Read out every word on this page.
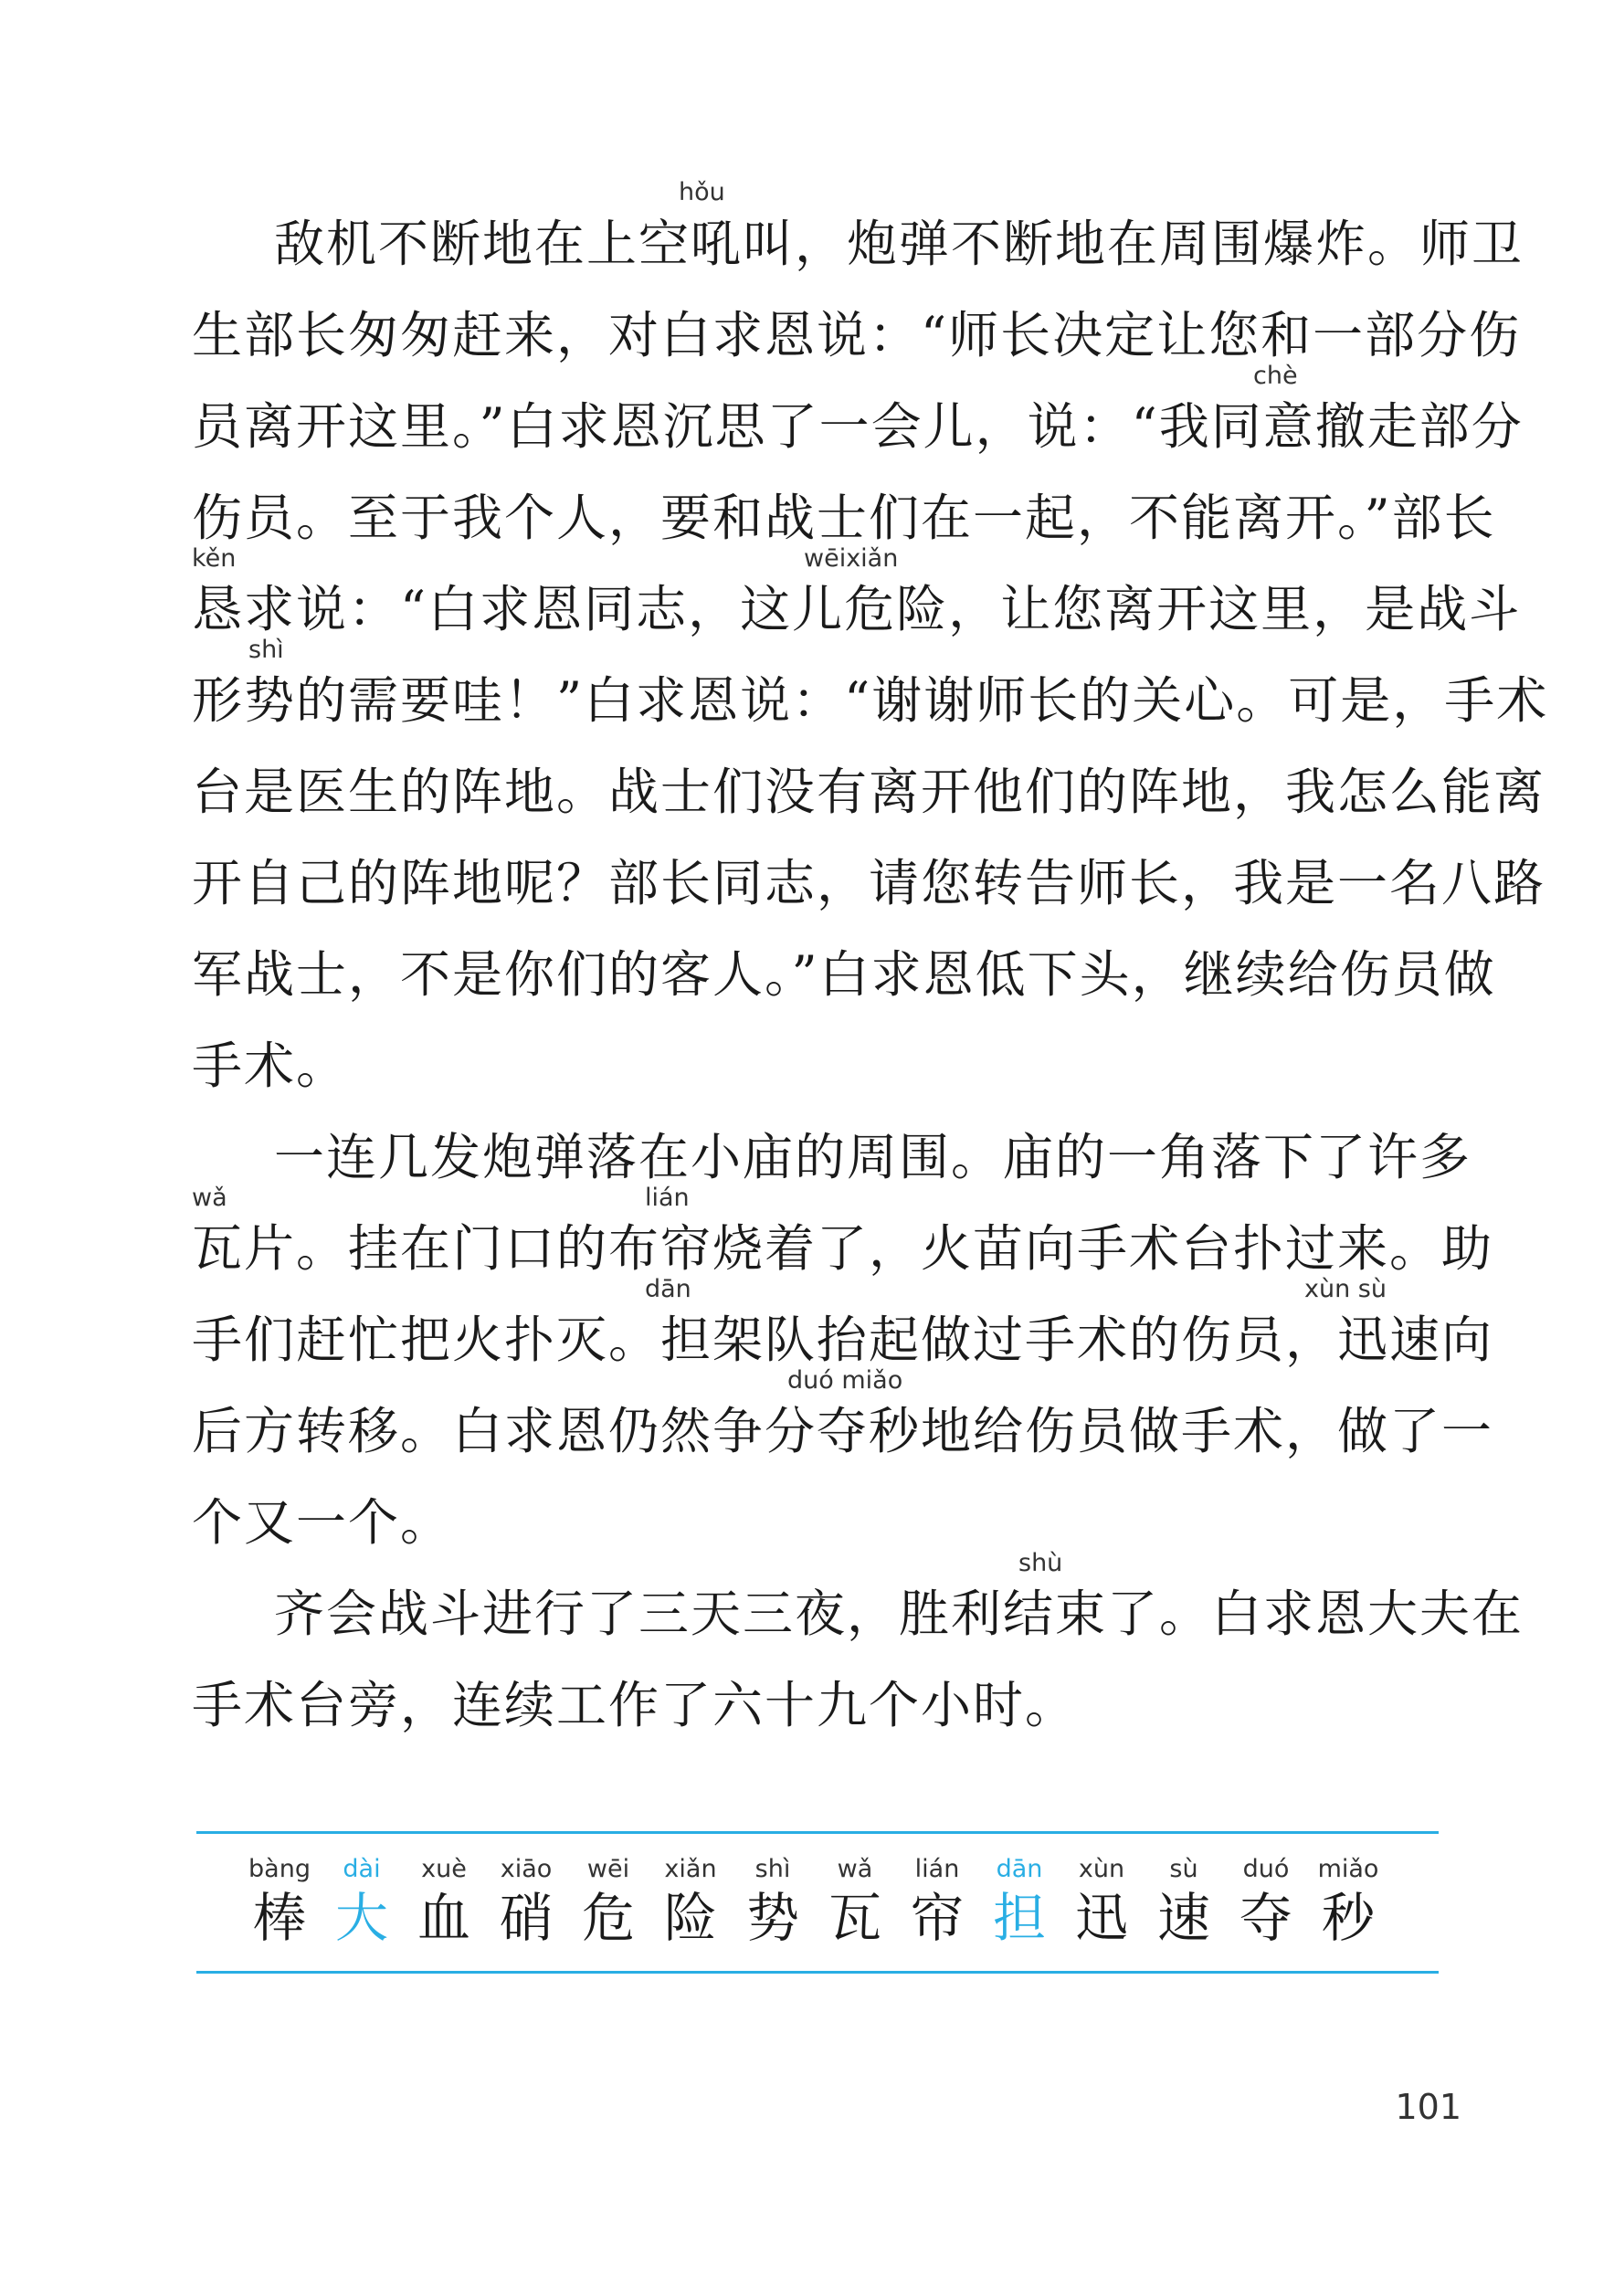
hǒu
敌机不断地在上空吼叫，炮弹不断地在周围爆炸。师卫
生部长匆匆赶来，对白求恩说：“师长决定让您和一部分伤
chè
员离开这里。”白求恩沉思了一会儿，说：“我同意撤走部分
伤员。至于我个人，要和战士们在一起，不能离开。”部长
kěn	wēixiǎn
恳求说：“白求恩同志，这儿危险，让您离开这里，是战斗
shì
形势的需要哇！”白求恩说：“谢谢师长的关心。可是，手术
台是医生的阵地。战士们没有离开他们的阵地，我怎么能离
开自己的阵地呢？部长同志，请您转告师长，我是一名八路
军战士，不是你们的客人。”白求恩低下头，继续给伤员做
手术。
一连几发炮弹落在小庙的周围。庙的一角落下了许多
wǎ	lián
瓦片。挂在门口的布帘烧着了，火苗向手术台扑过来。助
dān	xùn sù
手们赶忙把火扑灭。担架队抬起做过手术的伤员，迅速向
duó miǎo
后方转移。白求恩仍然争分夺秒地给伤员做手术，做了一
个又一个。
shù
齐会战斗进行了三天三夜，胜利结束了。白求恩大夫在
手术台旁，连续工作了六十九个小时。
bàng
棒
dài
大
xuè
血
xiāo
硝
wēi
危
xiǎn
险
shì
势
wǎ
瓦
lián
帘
dān
担
xùn
迅
sù
速
duó
夺
miǎo
秒
101
